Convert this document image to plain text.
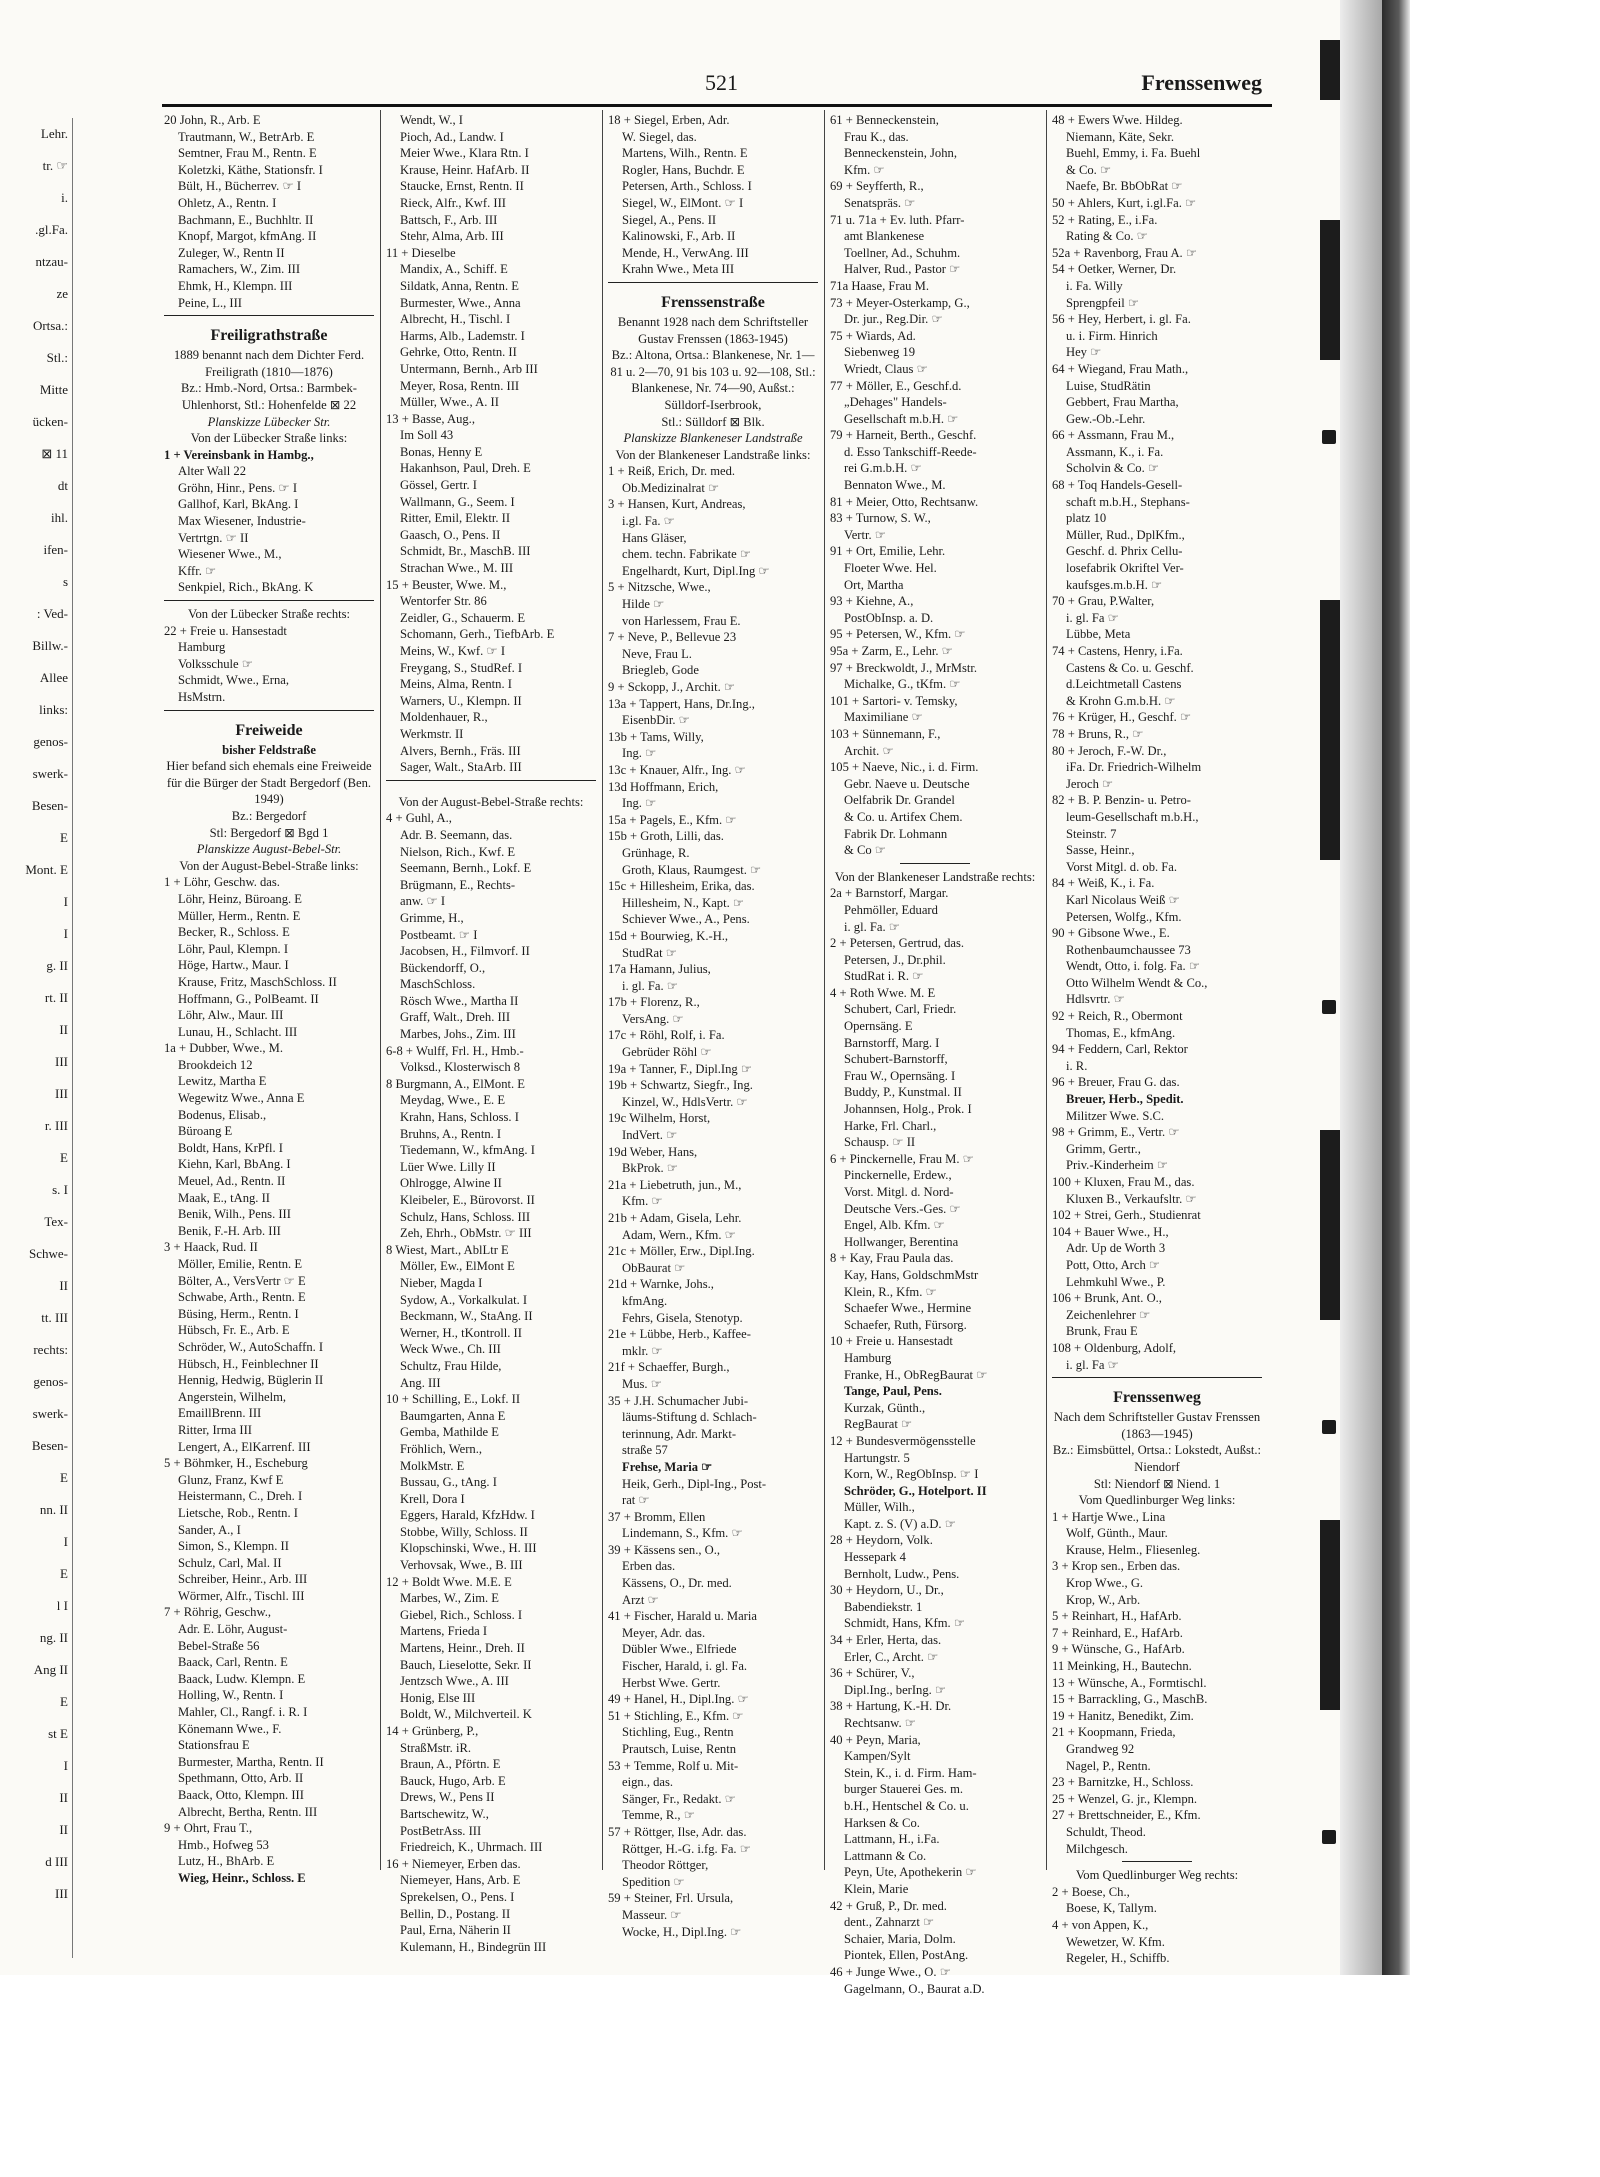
Lehr.
tr. ☞
i.
.gl.Fa.
ntzau-
ze
Ortsa.:
Stl.:
Mitte
ücken-
⊠ 11
dt
ihl.
ifen-
s
: Ved-
Billw.-
Allee
links:
genos-
swerk-
Besen-
E
Mont. E
I
I
g. II
rt. II
II
III
III
r. III
E
s. I
Tex-
Schwe-
II
tt. III
rechts:
genos-
swerk-
Besen-
E
nn. II
I
E
l I
ng. II
Ang II
E
st E
I
II
II
d III
III
521	Frenssenweg
20 John, R., Arb. E
Trautmann, W., BetrArb. E
Semtner, Frau M., Rentn. E
Koletzki, Käthe, Stationsfr. I
Bült, H., Bücherrev. ☞ I
Ohletz, A., Rentn. I
Bachmann, E., Buchhltr. II
Knopf, Margot, kfmAng. II
Zuleger, W., Rentn II
Ramachers, W., Zim. III
Ehmk, H., Klempn. III
Peine, L., III
Freiligrathstraße
1889 benannt nach dem Dichter Ferd. Freiligrath (1810—1876)
Bz.: Hmb.-Nord, Ortsa.: Barmbek-Uhlenhorst, Stl.: Hohenfelde ⊠ 22
Planskizze Lübecker Str.
Von der Lübecker Straße links:
1 + Vereinsbank in Hambg.,
Alter Wall 22
Gröhn, Hinr., Pens. ☞ I
Gallhof, Karl, BkAng. I
Max Wiesener, Industrie-
Vertrtgn. ☞ II
Wiesener Wwe., M.,
Kffr. ☞
Senkpiel, Rich., BkAng. K
Von der Lübecker Straße rechts:
22 + Freie u. Hansestadt
Hamburg
Volksschule ☞
Schmidt, Wwe., Erna,
HsMstrn.
Freiweide
bisher Feldstraße
Hier befand sich ehemals eine Freiweide für die Bürger der Stadt Bergedorf (Ben. 1949)
Bz.: Bergedorf
Stl: Bergedorf ⊠ Bgd 1
Planskizze August-Bebel-Str.
Von der August-Bebel-Straße links:
1 + Löhr, Geschw. das.
Löhr, Heinz, Büroang. E
Müller, Herm., Rentn. E
Becker, R., Schloss. E
Löhr, Paul, Klempn. I
Höge, Hartw., Maur. I
Krause, Fritz, MaschSchloss. II
Hoffmann, G., PolBeamt. II
Löhr, Alw., Maur. III
Lunau, H., Schlacht. III
1a + Dubber, Wwe., M.
Brookdeich 12
Lewitz, Martha E
Wegewitz Wwe., Anna E
Bodenus, Elisab.,
Büroang E
Boldt, Hans, KrPfl. I
Kiehn, Karl, BbAng. I
Meuel, Ad., Rentn. II
Maak, E., tAng. II
Benik, Wilh., Pens. III
Benik, F.-H. Arb. III
3 + Haack, Rud. II
Möller, Emilie, Rentn. E
Bölter, A., VersVertr ☞ E
Schwabe, Arth., Rentn. E
Büsing, Herm., Rentn. I
Hübsch, Fr. E., Arb. E
Schröder, W., AutoSchaffn. I
Hübsch, H., Feinblechner II
Hennig, Hedwig, Büglerin II
Angerstein, Wilhelm,
EmaillBrenn. III
Ritter, Irma III
Lengert, A., ElKarrenf. III
5 + Böhmker, H., Escheburg
Glunz, Franz, Kwf E
Heistermann, C., Dreh. I
Lietsche, Rob., Rentn. I
Sander, A., I
Simon, S., Klempn. II
Schulz, Carl, Mal. II
Schreiber, Heinr., Arb. III
Wörmer, Alfr., Tischl. III
7 + Röhrig, Geschw.,
Adr. E. Löhr, August-
Bebel-Straße 56
Baack, Carl, Rentn. E
Baack, Ludw. Klempn. E
Holling, W., Rentn. I
Mahler, Cl., Rangf. i. R. I
Könemann Wwe., F.
Stationsfrau E
Burmester, Martha, Rentn. II
Spethmann, Otto, Arb. II
Baack, Otto, Klempn. III
Albrecht, Bertha, Rentn. III
9 + Ohrt, Frau T.,
Hmb., Hofweg 53
Lutz, H., BhArb. E
Wieg, Heinr., Schloss. E
Wendt, W., I
Pioch, Ad., Landw. I
Meier Wwe., Klara Rtn. I
Krause, Heinr. HafArb. II
Staucke, Ernst, Rentn. II
Rieck, Alfr., Kwf. III
Battsch, F., Arb. III
Stehr, Alma, Arb. III
11 + Dieselbe
Mandix, A., Schiff. E
Sildatk, Anna, Rentn. E
Burmester, Wwe., Anna
Albrecht, H., Tischl. I
Harms, Alb., Lademstr. I
Gehrke, Otto, Rentn. II
Untermann, Bernh., Arb III
Meyer, Rosa, Rentn. III
Müller, Wwe., A. II
13 + Basse, Aug.,
Im Soll 43
Bonas, Henny E
Hakanhson, Paul, Dreh. E
Gössel, Gertr. I
Wallmann, G., Seem. I
Ritter, Emil, Elektr. II
Gaasch, O., Pens. II
Schmidt, Br., MaschB. III
Strachan Wwe., M. III
15 + Beuster, Wwe. M.,
Wentorfer Str. 86
Zeidler, G., Schauerm. E
Schomann, Gerh., TiefbArb. E
Meins, W., Kwf. ☞ I
Freygang, S., StudRef. I
Meins, Alma, Rentn. I
Warners, U., Klempn. II
Moldenhauer, R.,
Werkmstr. II
Alvers, Bernh., Fräs. III
Sager, Walt., StaArb. III
Von der August-Bebel-Straße rechts:
4 + Guhl, A.,
Adr. B. Seemann, das.
Nielson, Rich., Kwf. E
Seemann, Bernh., Lokf. E
Brügmann, E., Rechts-
anw. ☞ I
Grimme, H.,
Postbeamt. ☞ I
Jacobsen, H., Filmvorf. II
Bückendorff, O.,
MaschSchloss.
Rösch Wwe., Martha II
Graff, Walt., Dreh. III
Marbes, Johs., Zim. III
6-8 + Wulff, Frl. H., Hmb.-
Volksd., Klosterwisch 8
8 Burgmann, A., ElMont. E
Meydag, Wwe., E. E
Krahn, Hans, Schloss. I
Bruhns, A., Rentn. I
Tiedemann, W., kfmAng. I
Lüer Wwe. Lilly II
Ohlrogge, Alwine II
Kleibeler, E., Bürovorst. II
Schulz, Hans, Schloss. III
Zeh, Ehrh., ObMstr. ☞ III
8 Wiest, Mart., AblLtr E
Möller, Ew., ElMont E
Nieber, Magda I
Sydow, A., Vorkalkulat. I
Beckmann, W., StaAng. II
Werner, H., tKontroll. II
Weck Wwe., Ch. III
Schultz, Frau Hilde,
Ang. III
10 + Schilling, E., Lokf. II
Baumgarten, Anna E
Gemba, Mathilde E
Fröhlich, Wern.,
MolkMstr. E
Bussau, G., tAng. I
Krell, Dora I
Eggers, Harald, KfzHdw. I
Stobbe, Willy, Schloss. II
Klopschinski, Wwe., H. III
Verhovsak, Wwe., B. III
12 + Boldt Wwe. M.E. E
Marbes, W., Zim. E
Giebel, Rich., Schloss. I
Martens, Frieda I
Martens, Heinr., Dreh. II
Bauch, Lieselotte, Sekr. II
Jentzsch Wwe., A. III
Honig, Else III
Boldt, W., Milchverteil. K
14 + Grünberg, P.,
StraßMstr. iR.
Braun, A., Pförtn. E
Bauck, Hugo, Arb. E
Drews, W., Pens II
Bartschewitz, W.,
PostBetrAss. III
Friedreich, K., Uhrmach. III
16 + Niemeyer, Erben das.
Niemeyer, Hans, Arb. E
Sprekelsen, O., Pens. I
Bellin, D., Postang. II
Paul, Erna, Näherin II
Kulemann, H., Bindegrün III
18 + Siegel, Erben, Adr.
W. Siegel, das.
Martens, Wilh., Rentn. E
Rogler, Hans, Buchdr. E
Petersen, Arth., Schloss. I
Siegel, W., ElMont. ☞ I
Siegel, A., Pens. II
Kalinowski, F., Arb. II
Mende, H., VerwAng. III
Krahn Wwe., Meta III
Frenssenstraße
Benannt 1928 nach dem Schriftsteller Gustav Frenssen (1863-1945)
Bz.: Altona, Ortsa.: Blankenese, Nr. 1—81 u. 2—70, 91 bis 103 u. 92—108, Stl.: Blankenese, Nr. 74—90, Außst.: Sülldorf-Iserbrook,
Stl.: Sülldorf ⊠ Blk.
Planskizze Blankeneser Landstraße
Von der Blankeneser Landstraße links:
1 + Reiß, Erich, Dr. med.
Ob.Medizinalrat ☞
3 + Hansen, Kurt, Andreas,
i.gl. Fa. ☞
Hans Gläser,
chem. techn. Fabrikate ☞
Engelhardt, Kurt, Dipl.Ing ☞
5 + Nitzsche, Wwe.,
Hilde ☞
von Harlessem, Frau E.
7 + Neve, P., Bellevue 23
Neve, Frau L.
Briegleb, Gode
9 + Sckopp, J., Archit. ☞
13a + Tappert, Hans, Dr.Ing.,
EisenbDir. ☞
13b + Tams, Willy,
Ing. ☞
13c + Knauer, Alfr., Ing. ☞
13d Hoffmann, Erich,
Ing. ☞
15a + Pagels, E., Kfm. ☞
15b + Groth, Lilli, das.
Grünhage, R.
Groth, Klaus, Raumgest. ☞
15c + Hillesheim, Erika, das.
Hillesheim, N., Kapt. ☞
Schiever Wwe., A., Pens.
15d + Bourwieg, K.-H.,
StudRat ☞
17a Hamann, Julius,
i. gl. Fa. ☞
17b + Florenz, R.,
VersAng. ☞
17c + Röhl, Rolf, i. Fa.
Gebrüder Röhl ☞
19a + Tanner, F., Dipl.Ing ☞
19b + Schwartz, Siegfr., Ing.
Kinzel, W., HdlsVertr. ☞
19c Wilhelm, Horst,
IndVert. ☞
19d Weber, Hans,
BkProk. ☞
21a + Liebetruth, jun., M.,
Kfm. ☞
21b + Adam, Gisela, Lehr.
Adam, Wern., Kfm. ☞
21c + Möller, Erw., Dipl.Ing.
ObBaurat ☞
21d + Warnke, Johs.,
kfmAng.
Fehrs, Gisela, Stenotyp.
21e + Lübbe, Herb., Kaffee-
mklr. ☞
21f + Schaeffer, Burgh.,
Mus. ☞
35 + J.H. Schumacher Jubi-
läums-Stiftung d. Schlach-
terinnung, Adr. Markt-
straße 57
Frehse, Maria ☞
Heik, Gerh., Dipl-Ing., Post-
rat ☞
37 + Bromm, Ellen
Lindemann, S., Kfm. ☞
39 + Kässens sen., O.,
Erben das.
Kässens, O., Dr. med.
Arzt ☞
41 + Fischer, Harald u. Maria
Meyer, Adr. das.
Dübler Wwe., Elfriede
Fischer, Harald, i. gl. Fa.
Herbst Wwe. Gertr.
49 + Hanel, H., Dipl.Ing. ☞
51 + Stichling, E., Kfm. ☞
Stichling, Eug., Rentn
Prautsch, Luise, Rentn
53 + Temme, Rolf u. Mit-
eign., das.
Sänger, Fr., Redakt. ☞
Temme, R., ☞
57 + Röttger, Ilse, Adr. das.
Röttger, H.-G. i.fg. Fa. ☞
Theodor Röttger,
Spedition ☞
59 + Steiner, Frl. Ursula,
Masseur. ☞
Wocke, H., Dipl.Ing. ☞
61 + Benneckenstein,
Frau K., das.
Benneckenstein, John,
Kfm. ☞
69 + Seyfferth, R.,
Senatspräs. ☞
71 u. 71a + Ev. luth. Pfarr-
amt Blankenese
Toellner, Ad., Schuhm.
Halver, Rud., Pastor ☞
71a Haase, Frau M.
73 + Meyer-Osterkamp, G.,
Dr. jur., Reg.Dir. ☞
75 + Wiards, Ad.
Siebenweg 19
Wriedt, Claus ☞
77 + Möller, E., Geschf.d.
„Dehages" Handels-
Gesellschaft m.b.H. ☞
79 + Harneit, Berth., Geschf.
d. Esso Tankschiff-Reede-
rei G.m.b.H. ☞
Bennaton Wwe., M.
81 + Meier, Otto, Rechtsanw.
83 + Turnow, S. W.,
Vertr. ☞
91 + Ort, Emilie, Lehr.
Floeter Wwe. Hel.
Ort, Martha
93 + Kiehne, A.,
PostObInsp. a. D.
95 + Petersen, W., Kfm. ☞
95a + Zarm, E., Lehr. ☞
97 + Breckwoldt, J., MrMstr.
Michalke, G., tKfm. ☞
101 + Sartori- v. Temsky,
Maximiliane ☞
103 + Sünnemann, F.,
Archit. ☞
105 + Naeve, Nic., i. d. Firm.
Gebr. Naeve u. Deutsche
Oelfabrik Dr. Grandel
& Co. u. Artifex Chem.
Fabrik Dr. Lohmann
& Co ☞
Von der Blankeneser Landstraße rechts:
2a + Barnstorf, Margar.
Pehmöller, Eduard
i. gl. Fa. ☞
2 + Petersen, Gertrud, das.
Petersen, J., Dr.phil.
StudRat i. R. ☞
4 + Roth Wwe. M. E
Schubert, Carl, Friedr.
Opernsäng. E
Barnstorff, Marg. I
Schubert-Barnstorff,
Frau W., Opernsäng. I
Buddy, P., Kunstmal. II
Johannsen, Holg., Prok. I
Harke, Frl. Charl.,
Schausp. ☞ II
6 + Pinckernelle, Frau M. ☞
Pinckernelle, Erdew.,
Vorst. Mitgl. d. Nord-
Deutsche Vers.-Ges. ☞
Engel, Alb. Kfm. ☞
Hollwanger, Berentina
8 + Kay, Frau Paula das.
Kay, Hans, GoldschmMstr
Klein, R., Kfm. ☞
Schaefer Wwe., Hermine
Schaefer, Ruth, Fürsorg.
10 + Freie u. Hansestadt
Hamburg
Franke, H., ObRegBaurat ☞
Tange, Paul, Pens.
Kurzak, Günth.,
RegBaurat ☞
12 + Bundesvermögensstelle
Hartungstr. 5
Korn, W., RegObInsp. ☞ I
Schröder, G., Hotelport. II
Müller, Wilh.,
Kapt. z. S. (V) a.D. ☞
28 + Heydorn, Volk.
Hessepark 4
Bernholt, Ludw., Pens.
30 + Heydorn, U., Dr.,
Babendiekstr. 1
Schmidt, Hans, Kfm. ☞
34 + Erler, Herta, das.
Erler, C., Archt. ☞
36 + Schürer, V.,
Dipl.Ing., berIng. ☞
38 + Hartung, K.-H. Dr.
Rechtsanw. ☞
40 + Peyn, Maria,
Kampen/Sylt
Stein, K., i. d. Firm. Ham-
burger Stauerei Ges. m.
b.H., Hentschel & Co. u.
Harksen & Co.
Lattmann, H., i.Fa.
Lattmann & Co.
Peyn, Ute, Apothekerin ☞
Klein, Marie
42 + Gruß, P., Dr. med.
dent., Zahnarzt ☞
Schaier, Maria, Dolm.
Piontek, Ellen, PostAng.
46 + Junge Wwe., O. ☞
Gagelmann, O., Baurat a.D.
48 + Ewers Wwe. Hildeg.
Niemann, Käte, Sekr.
Buehl, Emmy, i. Fa. Buehl
& Co. ☞
Naefe, Br. BbObRat ☞
50 + Ahlers, Kurt, i.gl.Fa. ☞
52 + Rating, E., i.Fa.
Rating & Co. ☞
52a + Ravenborg, Frau A. ☞
54 + Oetker, Werner, Dr.
i. Fa. Willy
Sprengpfeil ☞
56 + Hey, Herbert, i. gl. Fa.
u. i. Firm. Hinrich
Hey ☞
64 + Wiegand, Frau Math.,
Luise, StudRätin
Gebbert, Frau Martha,
Gew.-Ob.-Lehr.
66 + Assmann, Frau M.,
Assmann, K., i. Fa.
Scholvin & Co. ☞
68 + Toq Handels-Gesell-
schaft m.b.H., Stephans-
platz 10
Müller, Rud., DplKfm.,
Geschf. d. Phrix Cellu-
losefabrik Okriftel Ver-
kaufsges.m.b.H. ☞
70 + Grau, P.Walter,
i. gl. Fa ☞
Lübbe, Meta
74 + Castens, Henry, i.Fa.
Castens & Co. u. Geschf.
d.Leichtmetall Castens
& Krohn G.m.b.H. ☞
76 + Krüger, H., Geschf. ☞
78 + Bruns, R., ☞
80 + Jeroch, F.-W. Dr.,
iFa. Dr. Friedrich-Wilhelm
Jeroch ☞
82 + B. P. Benzin- u. Petro-
leum-Gesellschaft m.b.H.,
Steinstr. 7
Sasse, Heinr.,
Vorst Mitgl. d. ob. Fa.
84 + Weiß, K., i. Fa.
Karl Nicolaus Weiß ☞
Petersen, Wolfg., Kfm.
90 + Gibsone Wwe., E.
Rothenbaumchaussee 73
Wendt, Otto, i. folg. Fa. ☞
Otto Wilhelm Wendt & Co.,
Hdlsvrtr. ☞
92 + Reich, R., Obermont
Thomas, E., kfmAng.
94 + Feddern, Carl, Rektor
i. R.
96 + Breuer, Frau G. das.
Breuer, Herb., Spedit.
Militzer Wwe. S.C.
98 + Grimm, E., Vertr. ☞
Grimm, Gertr.,
Priv.-Kinderheim ☞
100 + Kluxen, Frau M., das.
Kluxen B., Verkaufsltr. ☞
102 + Strei, Gerh., Studienrat
104 + Bauer Wwe., H.,
Adr. Up de Worth 3
Pott, Otto, Arch ☞
Lehmkuhl Wwe., P.
106 + Brunk, Ant. O.,
Zeichenlehrer ☞
Brunk, Frau E
108 + Oldenburg, Adolf,
i. gl. Fa ☞
Frenssenweg
Nach dem Schriftsteller Gustav Frenssen (1863—1945)
Bz.: Eimsbüttel, Ortsa.: Lokstedt, Außst.: Niendorf
Stl: Niendorf ⊠ Niend. 1
Vom Quedlinburger Weg links:
1 + Hartje Wwe., Lina
Wolf, Günth., Maur.
Krause, Helm., Fliesenleg.
3 + Krop sen., Erben das.
Krop Wwe., G.
Krop, W., Arb.
5 + Reinhart, H., HafArb.
7 + Reinhard, E., HafArb.
9 + Wünsche, G., HafArb.
11 Meinking, H., Bautechn.
13 + Wünsche, A., Formtischl.
15 + Barrackling, G., MaschB.
19 + Hanitz, Benedikt, Zim.
21 + Koopmann, Frieda,
Grandweg 92
Nagel, P., Rentn.
23 + Barnitzke, H., Schloss.
25 + Wenzel, G. jr., Klempn.
27 + Brettschneider, E., Kfm.
Schuldt, Theod.
Milchgesch.
Vom Quedlinburger Weg rechts:
2 + Boese, Ch.,
Boese, K, Tallym.
4 + von Appen, K.,
Wewetzer, W. Kfm.
Regeler, H., Schiffb.
